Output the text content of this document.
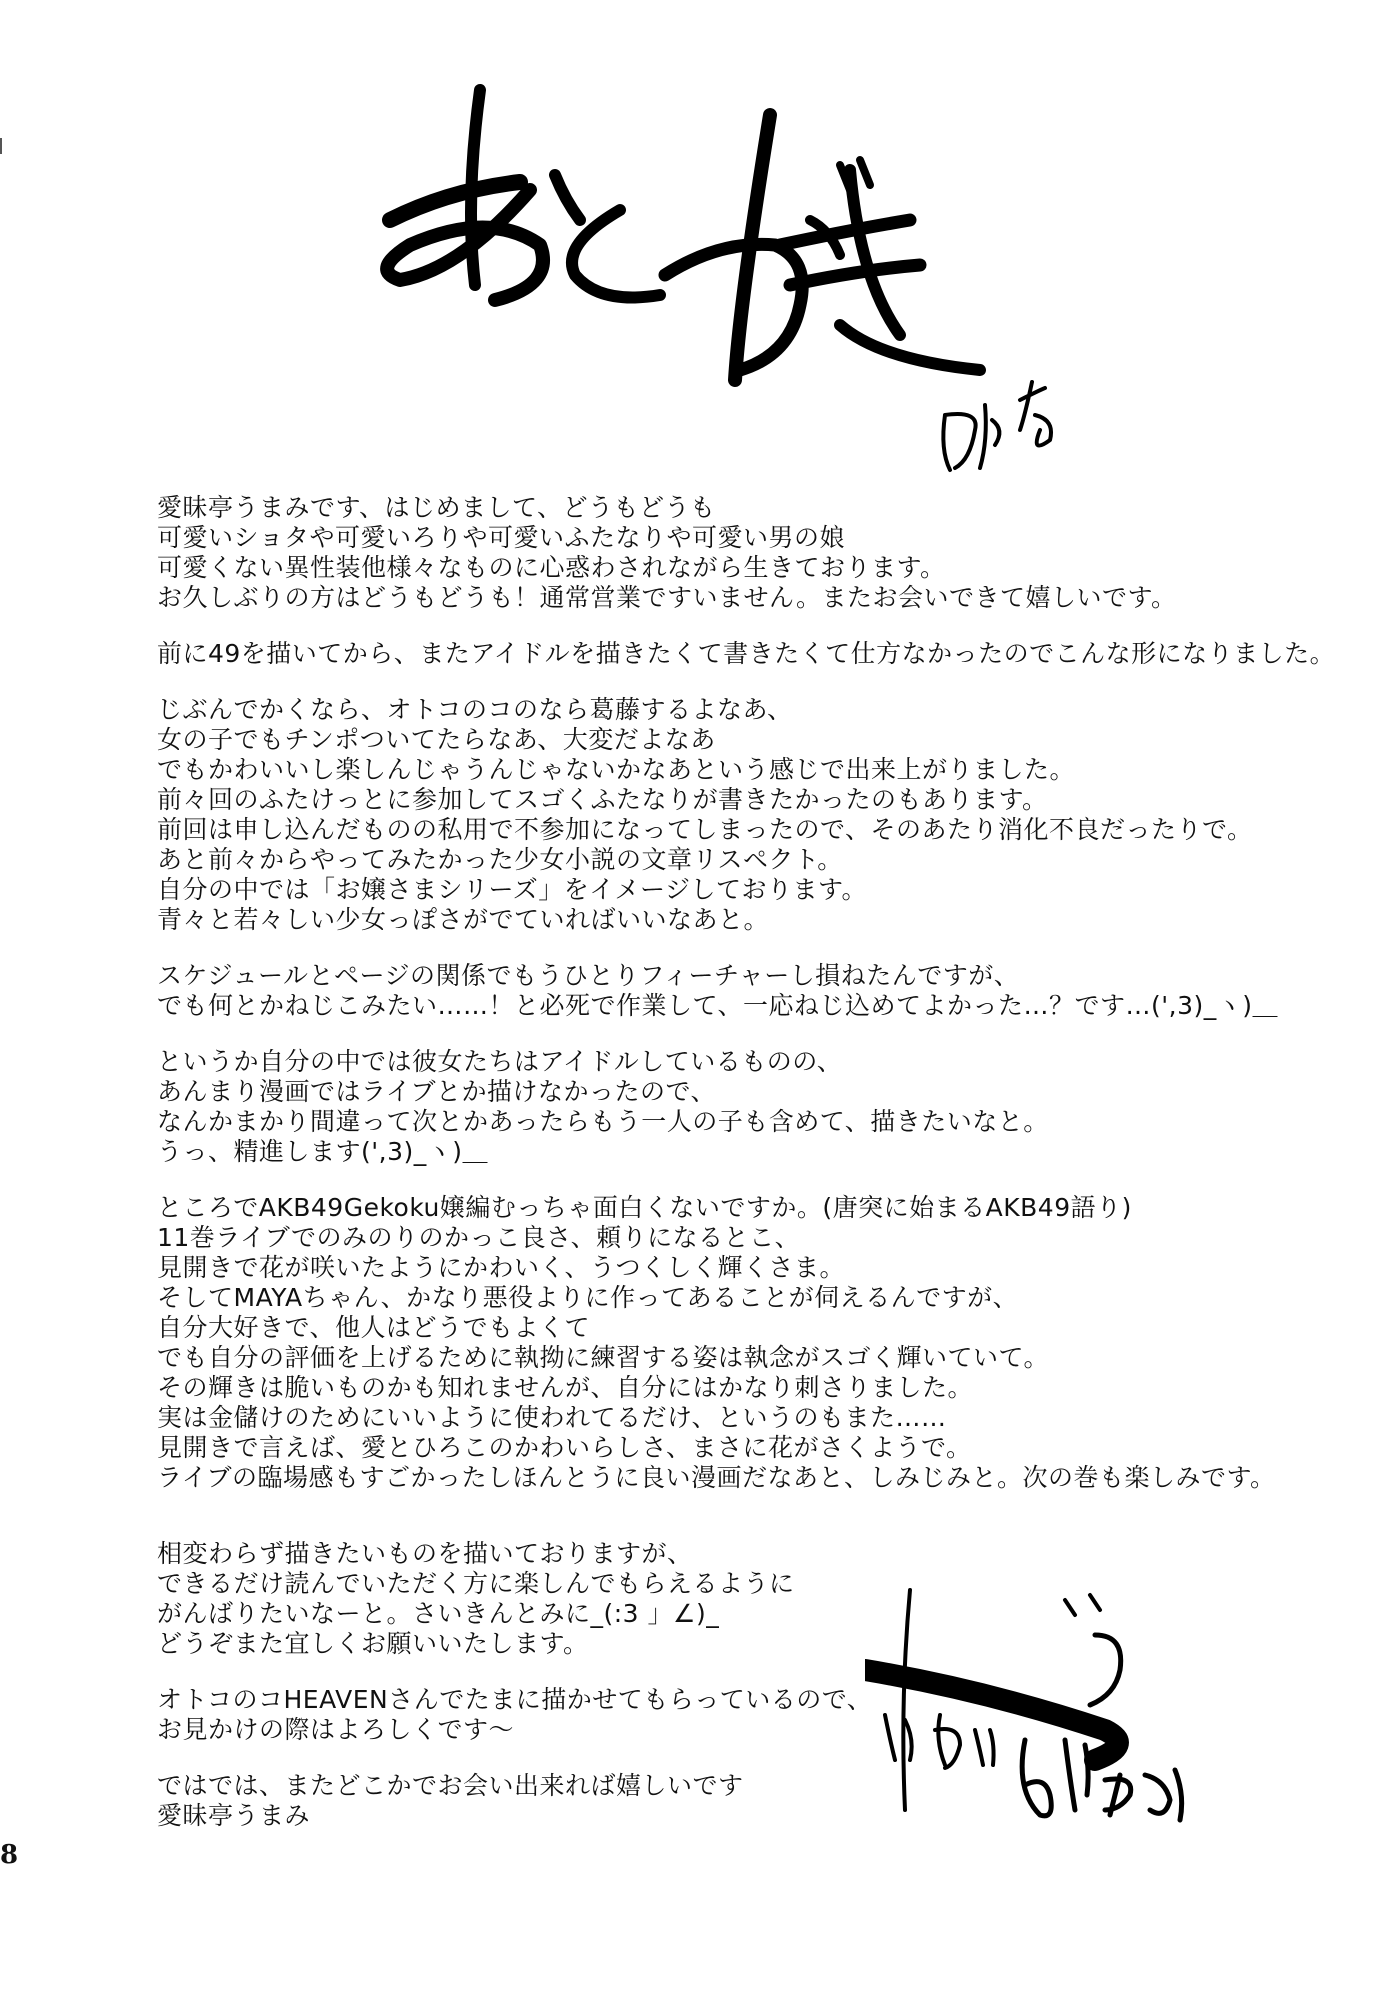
愛昧亭うまみです、はじめまして、どうもどうも
可愛いショタや可愛いろりや可愛いふたなりや可愛い男の娘
可愛くない異性装他様々なものに心惑わされながら生きております。
お久しぶりの方はどうもどうも！通常営業ですいません。またお会いできて嬉しいです。
前に49を描いてから、またアイドルを描きたくて書きたくて仕方なかったのでこんな形になりました。
じぶんでかくなら、オトコのコのなら葛藤するよなあ、
女の子でもチンポついてたらなあ、大変だよなあ
でもかわいいし楽しんじゃうんじゃないかなあという感じで出来上がりました。
前々回のふたけっとに参加してスゴくふたなりが書きたかったのもあります。
前回は申し込んだものの私用で不参加になってしまったので、そのあたり消化不良だったりで。
あと前々からやってみたかった少女小説の文章リスペクト。
自分の中では「お嬢さまシリーズ」をイメージしております。
青々と若々しい少女っぽさがでていればいいなあと。
スケジュールとページの関係でもうひとりフィーチャーし損ねたんですが、
でも何とかねじこみたい……！と必死で作業して、一応ねじ込めてよかった…？です…(',3)_ヽ)＿
というか自分の中では彼女たちはアイドルしているものの、
あんまり漫画ではライブとか描けなかったので、
なんかまかり間違って次とかあったらもう一人の子も含めて、描きたいなと。
うっ、精進します(',3)_ヽ)＿
ところでAKB49Gekoku嬢編むっちゃ面白くないですか。(唐突に始まるAKB49語り)
11巻ライブでのみのりのかっこ良さ、頼りになるとこ、
見開きで花が咲いたようにかわいく、うつくしく輝くさま。
そしてMAYAちゃん、かなり悪役よりに作ってあることが伺えるんですが、
自分大好きで、他人はどうでもよくて
でも自分の評価を上げるために執拗に練習する姿は執念がスゴく輝いていて。
その輝きは脆いものかも知れませんが、自分にはかなり刺さりました。
実は金儲けのためにいいように使われてるだけ、というのもまた……
見開きで言えば、愛とひろこのかわいらしさ、まさに花がさくようで。
ライブの臨場感もすごかったしほんとうに良い漫画だなあと、しみじみと。次の巻も楽しみです。
相変わらず描きたいものを描いておりますが、
できるだけ読んでいただく方に楽しんでもらえるように
がんばりたいなーと。さいきんとみに_(:3 」∠)_
どうぞまた宜しくお願いいたします。
オトコのコHEAVENさんでたまに描かせてもらっているので、
お見かけの際はよろしくです～
ではでは、またどこかでお会い出来れば嬉しいです
愛昧亭うまみ
8
